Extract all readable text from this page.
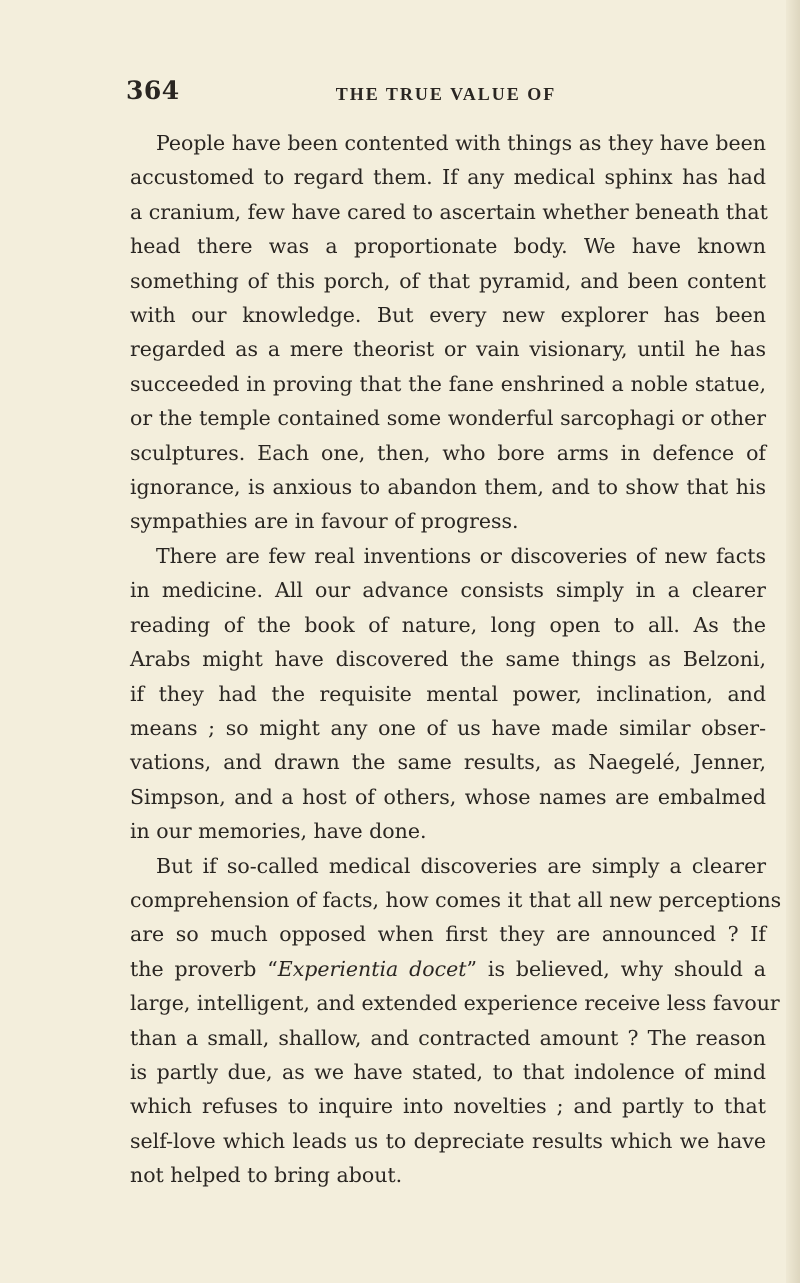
364	THE TRUE VALUE OF
People have been contented with things as they have been
accustomed to regard them. If any medical sphinx has had
a cranium, few have cared to ascertain whether beneath that
head there was a proportionate body. We have known
something of this porch, of that pyramid, and been content
with our knowledge. But every new explorer has been
regarded as a mere theorist or vain visionary, until he has
succeeded in proving that the fane enshrined a noble statue,
or the temple contained some wonderful sarcophagi or other
sculptures. Each one, then, who bore arms in defence of
ignorance, is anxious to abandon them, and to show that his
sympathies are in favour of progress.
There are few real inventions or discoveries of new facts
in medicine. All our advance consists simply in a clearer
reading of the book of nature, long open to all. As the
Arabs might have discovered the same things as Belzoni,
if they had the requisite mental power, inclination, and
means ; so might any one of us have made similar obser-
vations, and drawn the same results, as Naegelé, Jenner,
Simpson, and a host of others, whose names are embalmed
in our memories, have done.
But if so-called medical discoveries are simply a clearer
comprehension of facts, how comes it that all new perceptions
are so much opposed when first they are announced ? If
the proverb “Experientia docet” is believed, why should a
large, intelligent, and extended experience receive less favour
than a small, shallow, and contracted amount ? The reason
is partly due, as we have stated, to that indolence of mind
which refuses to inquire into novelties ; and partly to that
self-love which leads us to depreciate results which we have
not helped to bring about.
